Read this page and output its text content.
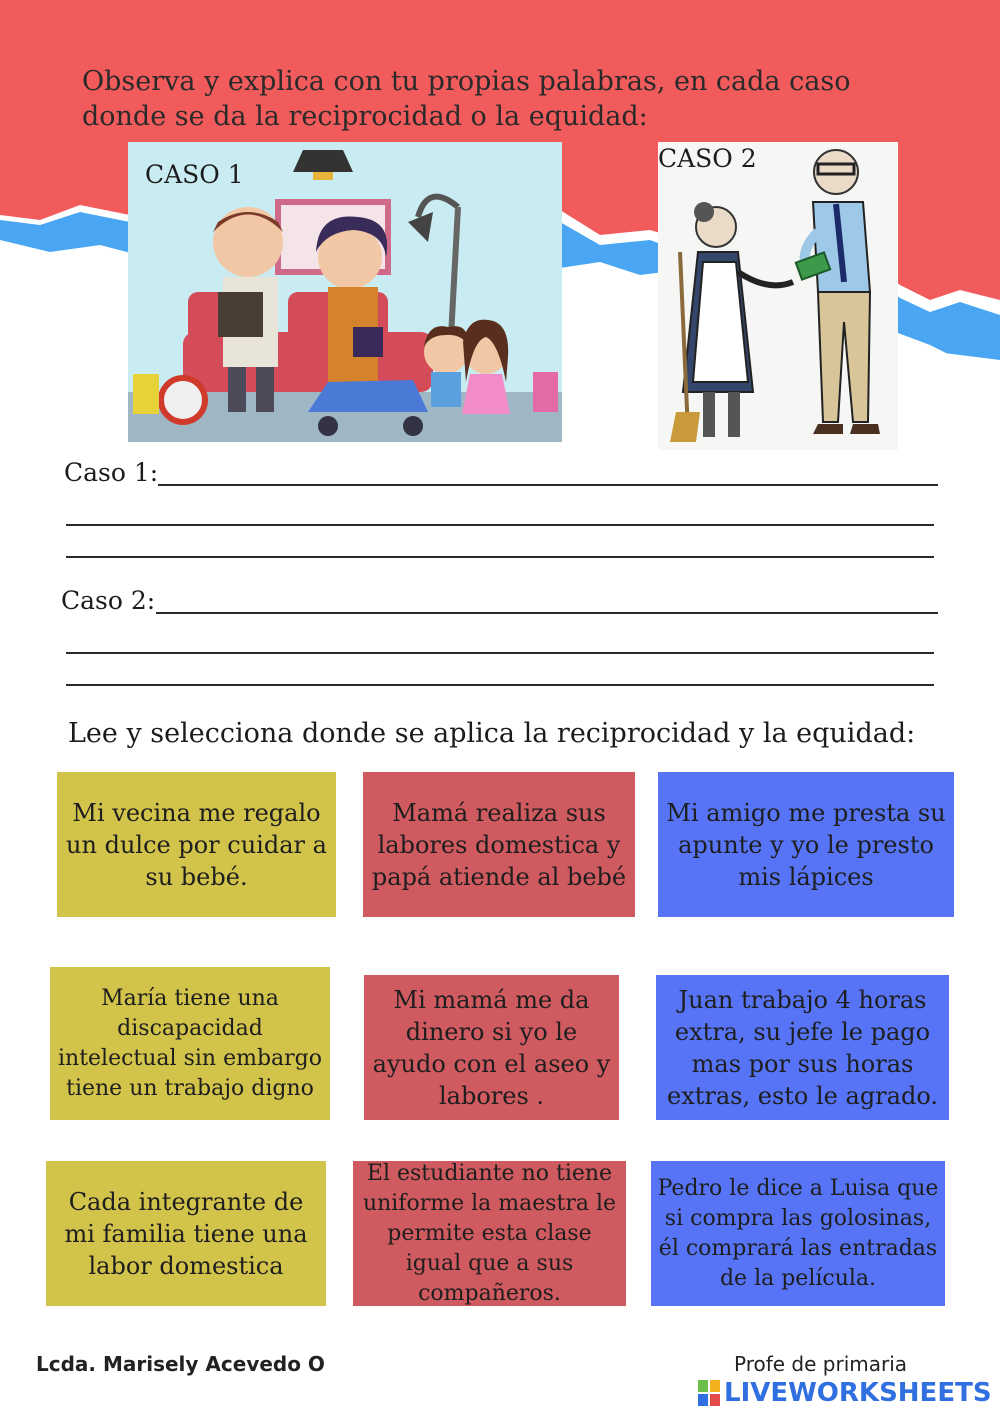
Observa y explica con tu propias palabras, en cada caso donde se da la reciprocidad o la equidad:

CASO 1
CASO 2
Caso 1:
Caso 2:

Lee y selecciona donde se aplica la reciprocidad y la equidad:

Mi vecina me regalo un dulce por cuidar a su bebé.
Mamá realiza sus labores domestica y papá atiende al bebé
Mi amigo me presta su apunte y yo le presto mis lápices
María tiene una discapacidad intelectual sin embargo tiene un trabajo digno
Mi mamá me da dinero si yo le ayudo con el aseo y labores .
Juan trabajo 4 horas extra, su jefe le pago mas por sus horas extras, esto le agrado.
Cada integrante de mi familia tiene una labor domestica
El estudiante no tiene uniforme la maestra le permite esta clase igual que a sus compañeros.
Pedro le dice a Luisa que si compra las golosinas, él comprará las entradas de la película.
Lcda. Marisely Acevedo O	Profe de primaria
LIVEWORKSHEETS
